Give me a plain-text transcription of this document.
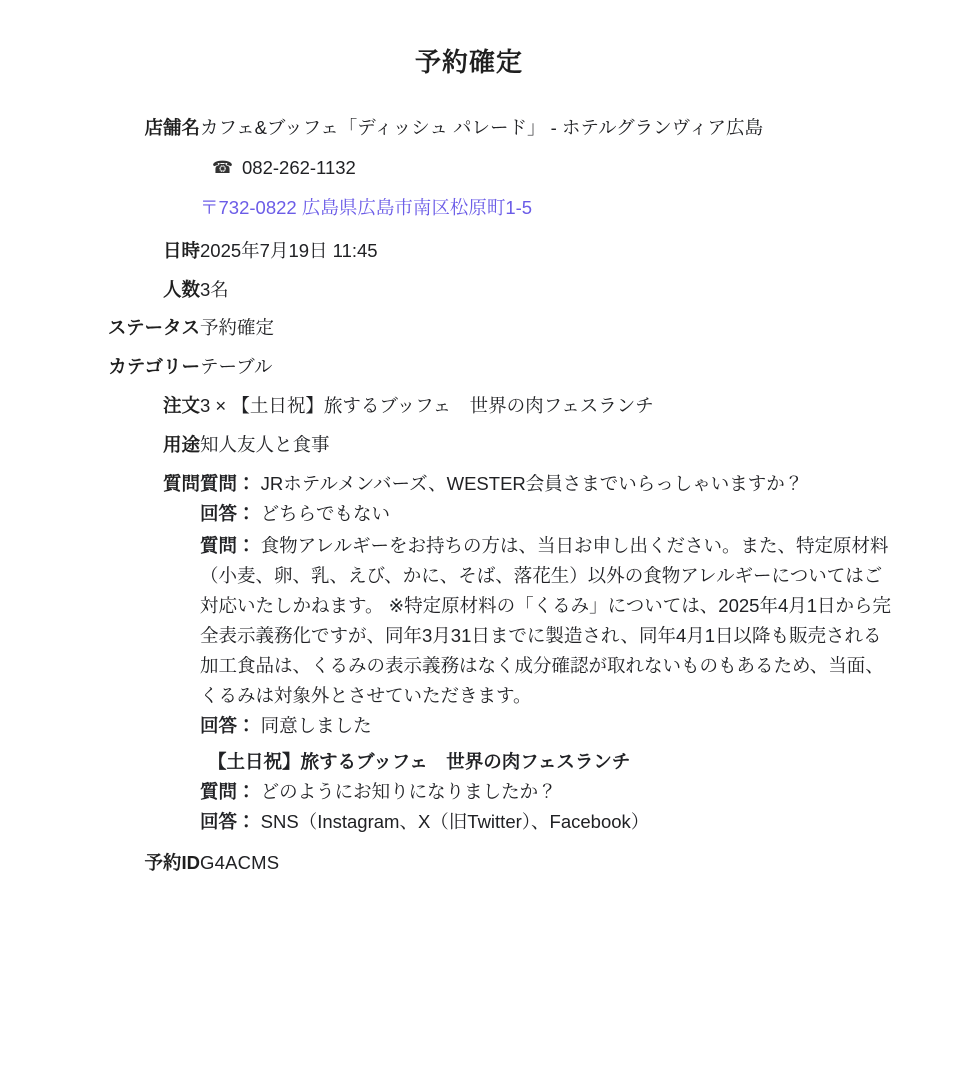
予約確定
店舗名	カフェ&ブッフェ「ディッシュ パレード」 - ホテルグランヴィア広島
☎ 082-262-1132
〒732-0822 広島県広島市南区松原町1-5

日時	2025年7月19日 11:45
人数	3名
ステータス	予約確定
カテゴリー	テーブル
注文	3 × 【土日祝】旅するブッフェ　世界の肉フェスランチ
用途	知人友人と食事
質問	質問： JRホテルメンバーズ、WESTER会員さまでいらっしゃいますか？
回答： どちらでもない
質問： 食物アレルギーをお持ちの方は、当日お申し出ください。また、特定原材料（小麦、卵、乳、えび、かに、そば、落花生）以外の食物アレルギーについてはご対応いたしかねます。 ※特定原材料の「くるみ」については、2025年4月1日から完全表示義務化ですが、同年3月31日までに製造され、同年4月1日以降も販売される加工食品は、くるみの表示義務はなく成分確認が取れないものもあるため、当面、くるみは対象外とさせていただきます。
回答： 同意しました
【土日祝】旅するブッフェ　世界の肉フェスランチ
質問： どのようにお知りになりましたか？
回答： SNS（Instagram、X（旧Twitter）、Facebook）

予約ID	G4ACMS
